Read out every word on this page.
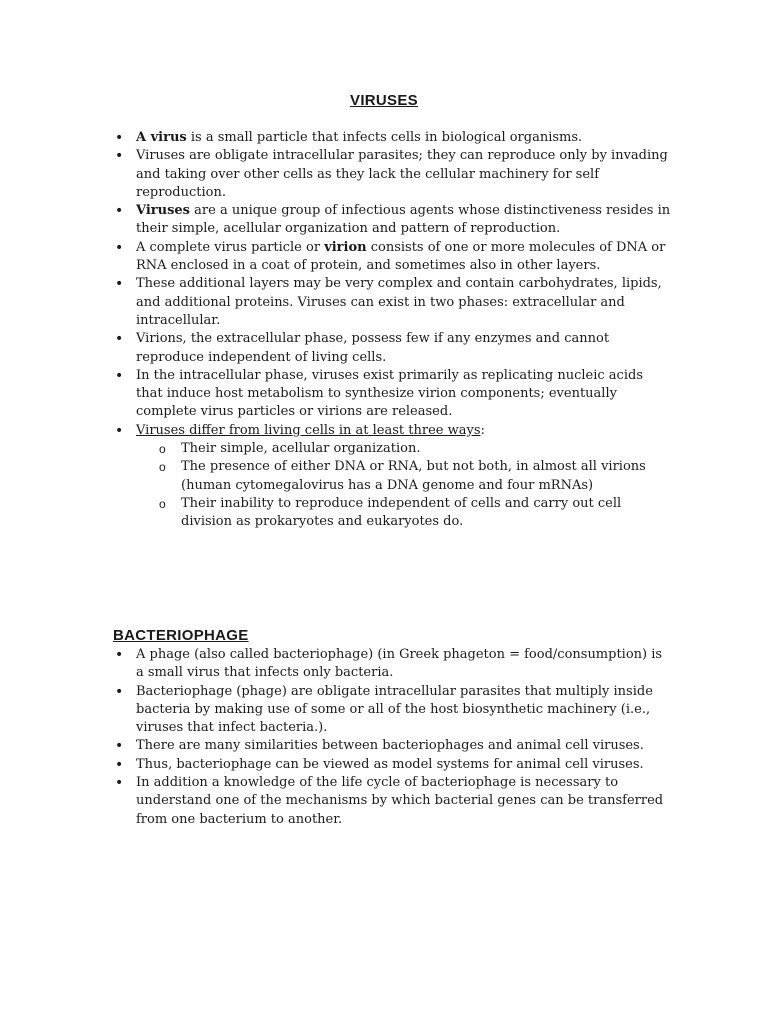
VIRUSES
• A virus is a small particle that infects cells in biological organisms.
• Viruses are obligate intracellular parasites; they can reproduce only by invading and taking over other cells as they lack the cellular machinery for self reproduction.
• Viruses are a unique group of infectious agents whose distinctiveness resides in their simple, acellular organization and pattern of reproduction.
• A complete virus particle or virion consists of one or more molecules of DNA or RNA enclosed in a coat of protein, and sometimes also in other layers.
• These additional layers may be very complex and contain carbohydrates, lipids, and additional proteins. Viruses can exist in two phases: extracellular and intracellular.
• Virions, the extracellular phase, possess few if any enzymes and cannot reproduce independent of living cells.
• In the intracellular phase, viruses exist primarily as replicating nucleic acids that induce host metabolism to synthesize virion components; eventually complete virus particles or virions are released.
• Viruses differ from living cells in at least three ways:
o Their simple, acellular organization.
o The presence of either DNA or RNA, but not both, in almost all virions (human cytomegalovirus has a DNA genome and four mRNAs)
o Their inability to reproduce independent of cells and carry out cell division as prokaryotes and eukaryotes do.
BACTERIOPHAGE
• A phage (also called bacteriophage) (in Greek phageton = food/consumption) is a small virus that infects only bacteria.
• Bacteriophage (phage) are obligate intracellular parasites that multiply inside bacteria by making use of some or all of the host biosynthetic machinery (i.e., viruses that infect bacteria.).
• There are many similarities between bacteriophages and animal cell viruses.
• Thus, bacteriophage can be viewed as model systems for animal cell viruses.
• In addition a knowledge of the life cycle of bacteriophage is necessary to understand one of the mechanisms by which bacterial genes can be transferred from one bacterium to another.
